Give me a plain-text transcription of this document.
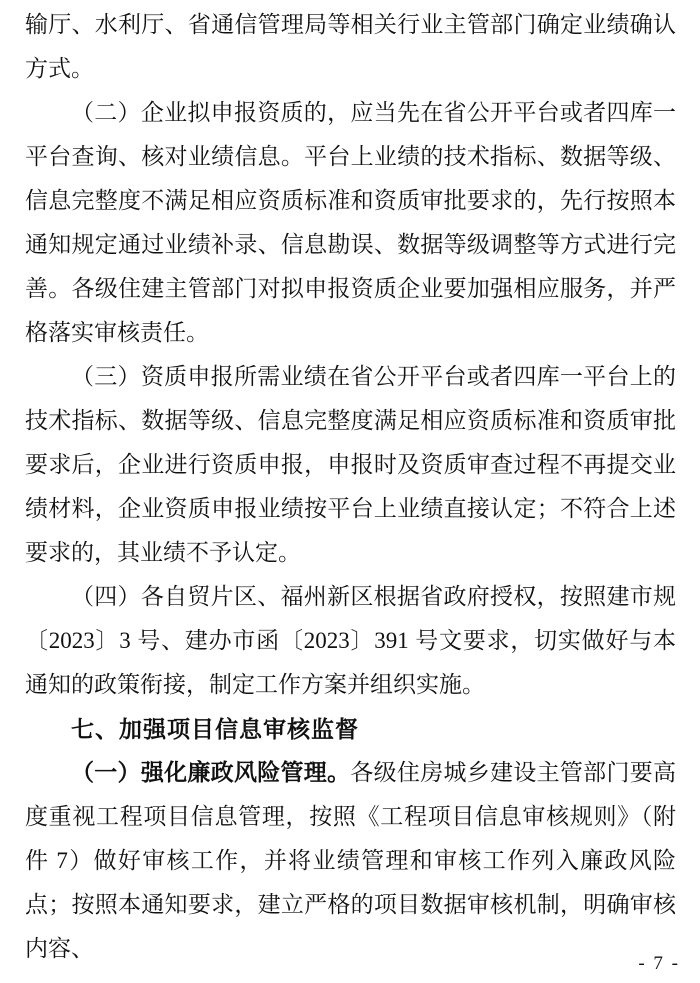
输厅、水利厅、省通信管理局等相关行业主管部门确定业绩确认方式。

（二）企业拟申报资质的，应当先在省公开平台或者四库一平台查询、核对业绩信息。平台上业绩的技术指标、数据等级、信息完整度不满足相应资质标准和资质审批要求的，先行按照本通知规定通过业绩补录、信息勘误、数据等级调整等方式进行完善。各级住建主管部门对拟申报资质企业要加强相应服务，并严格落实审核责任。

（三）资质申报所需业绩在省公开平台或者四库一平台上的技术指标、数据等级、信息完整度满足相应资质标准和资质审批要求后，企业进行资质申报，申报时及资质审查过程不再提交业绩材料，企业资质申报业绩按平台上业绩直接认定；不符合上述要求的，其业绩不予认定。

（四）各自贸片区、福州新区根据省政府授权，按照建市规〔2023〕3 号、建办市函〔2023〕391 号文要求，切实做好与本通知的政策衔接，制定工作方案并组织实施。

七、加强项目信息审核监督

（一）强化廉政风险管理。各级住房城乡建设主管部门要高度重视工程项目信息管理，按照《工程项目信息审核规则》（附件 7）做好审核工作，并将业绩管理和审核工作列入廉政风险点；按照本通知要求，建立严格的项目数据审核机制，明确审核内容、

- 7 -
